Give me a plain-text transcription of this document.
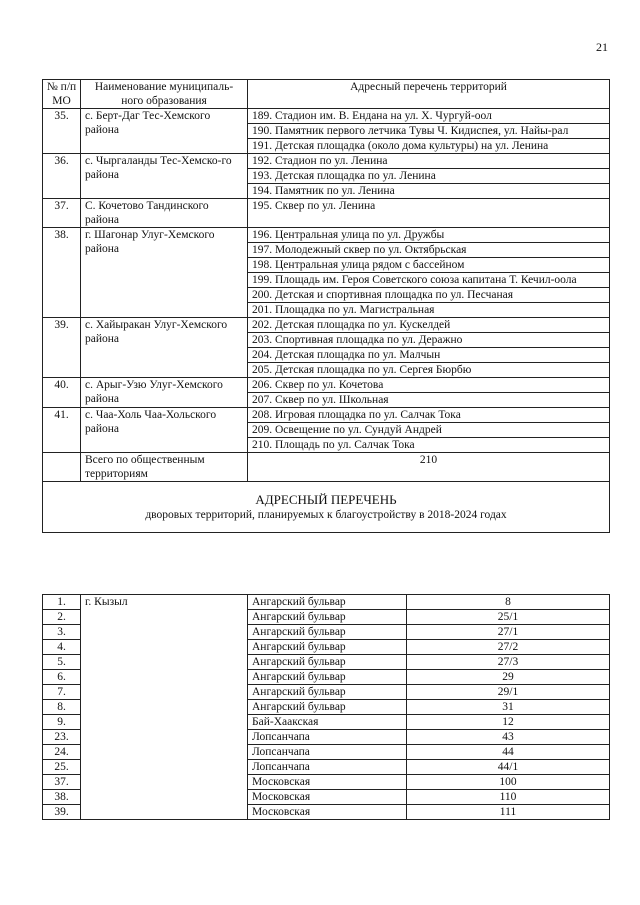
21
№ п/п МО	Наименование муниципаль-ного образования	Адресный перечень территорий
35.	с. Берт-Даг Тес-Хемского района	189. Стадион им. В. Ендана на ул. Х. Чургуй-оол
		190. Памятник первого летчика Тувы Ч. Кидиспея, ул. Найы-рал
		191. Детская площадка (около дома культуры) на ул. Ленина
36.	с. Чыргаланды Тес-Хемско-го района	192. Стадион по ул. Ленина
		193. Детская площадка по ул. Ленина
		194. Памятник по ул. Ленина
37.	С. Кочетово Тандинского района	195. Сквер по ул. Ленина
38.	г. Шагонар Улуг-Хемского района	196. Центральная улица по ул. Дружбы
		197. Молодежный сквер по ул. Октябрьская
		198. Центральная улица рядом с бассейном
		199. Площадь им. Героя Советского союза капитана Т. Кечил-оола
		200. Детская и спортивная площадка по ул. Песчаная
		201. Площадка по ул. Магистральная
39.	с. Хайыракан Улуг-Хемского района	202. Детская площадка по ул. Кускелдей
		203. Спортивная площадка по ул. Деражно
		204. Детская площадка по ул. Малчын
		205. Детская площадка по ул. Сергея Бюрбю
40.	с. Арыг-Узю Улуг-Хемского района	206. Сквер по ул. Кочетова
		207. Сквер по ул. Школьная
41.	с. Чаа-Холь Чаа-Хольского района	208. Игровая площадка по ул. Салчак Тока
		209. Освещение по ул. Сундуй Андрей
		210. Площадь по ул. Салчак Тока
	Всего по общественным территориям	210

АДРЕСНЫЙ ПЕРЕЧЕНЬ
дворовых территорий, планируемых к благоустройству в 2018-2024 годах		
1.	г. Кызыл	Ангарский бульвар	8
2.		Ангарский бульвар	25/1
3.		Ангарский бульвар	27/1
4.		Ангарский бульвар	27/2
5.		Ангарский бульвар	27/3
6.		Ангарский бульвар	29
7.		Ангарский бульвар	29/1
8.		Ангарский бульвар	31
9.		Бай-Хаакская	12
23.		Лопсанчапа	43
24.		Лопсанчапа	44
25.		Лопсанчапа	44/1
37.		Московская	100
38.		Московская	110
39.		Московская	111
